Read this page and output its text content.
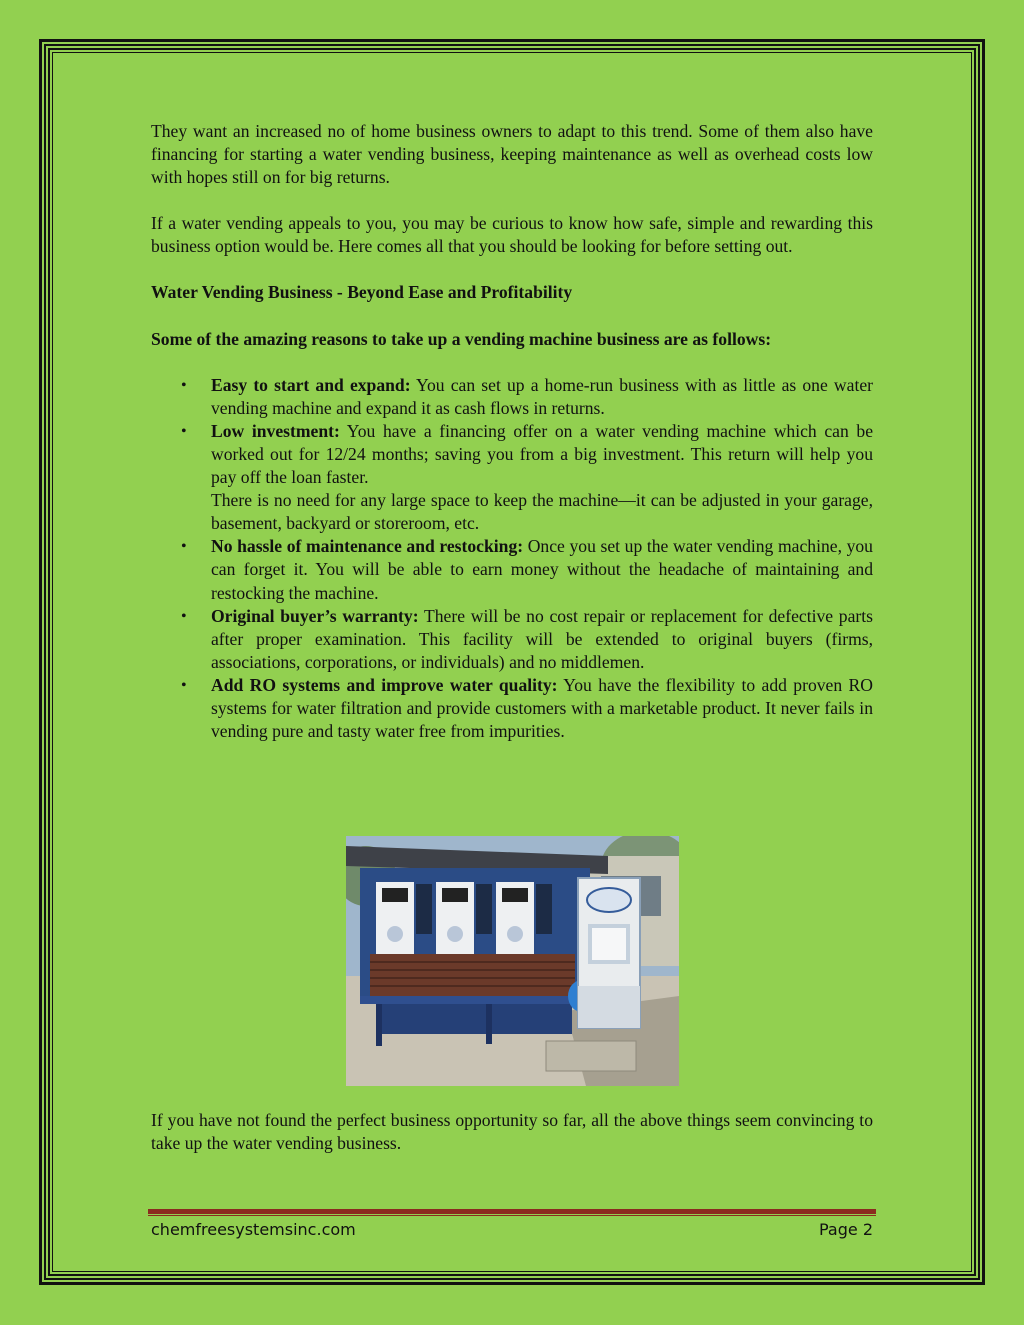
They want an increased no of home business owners to adapt to this trend. Some of them also have financing for starting a water vending business, keeping maintenance as well as overhead costs low with hopes still on for big returns.

If a water vending appeals to you, you may be curious to know how safe, simple and rewarding this business option would be. Here comes all that you should be looking for before setting out.

Water Vending Business - Beyond Ease and Profitability

Some of the amazing reasons to take up a vending machine business are as follows:

• Easy to start and expand: You can set up a home-run business with as little as one water vending machine and expand it as cash flows in returns.
• Low investment: You have a financing offer on a water vending machine which can be worked out for 12/24 months; saving you from a big investment. This return will help you pay off the loan faster.
There is no need for any large space to keep the machine—it can be adjusted in your garage, basement, backyard or storeroom, etc.
• No hassle of maintenance and restocking: Once you set up the water vending machine, you can forget it. You will be able to earn money without the headache of maintaining and restocking the machine.
• Original buyer’s warranty: There will be no cost repair or replacement for defective parts after proper examination. This facility will be extended to original buyers (firms, associations, corporations, or individuals) and no middlemen.
• Add RO systems and improve water quality: You have the flexibility to add proven RO systems for water filtration and provide customers with a marketable product. It never fails in vending pure and tasty water free from impurities.

If you have not found the perfect business opportunity so far, all the above things seem convincing to take up the water vending business.

chemfreesystemsinc.com	Page 2
